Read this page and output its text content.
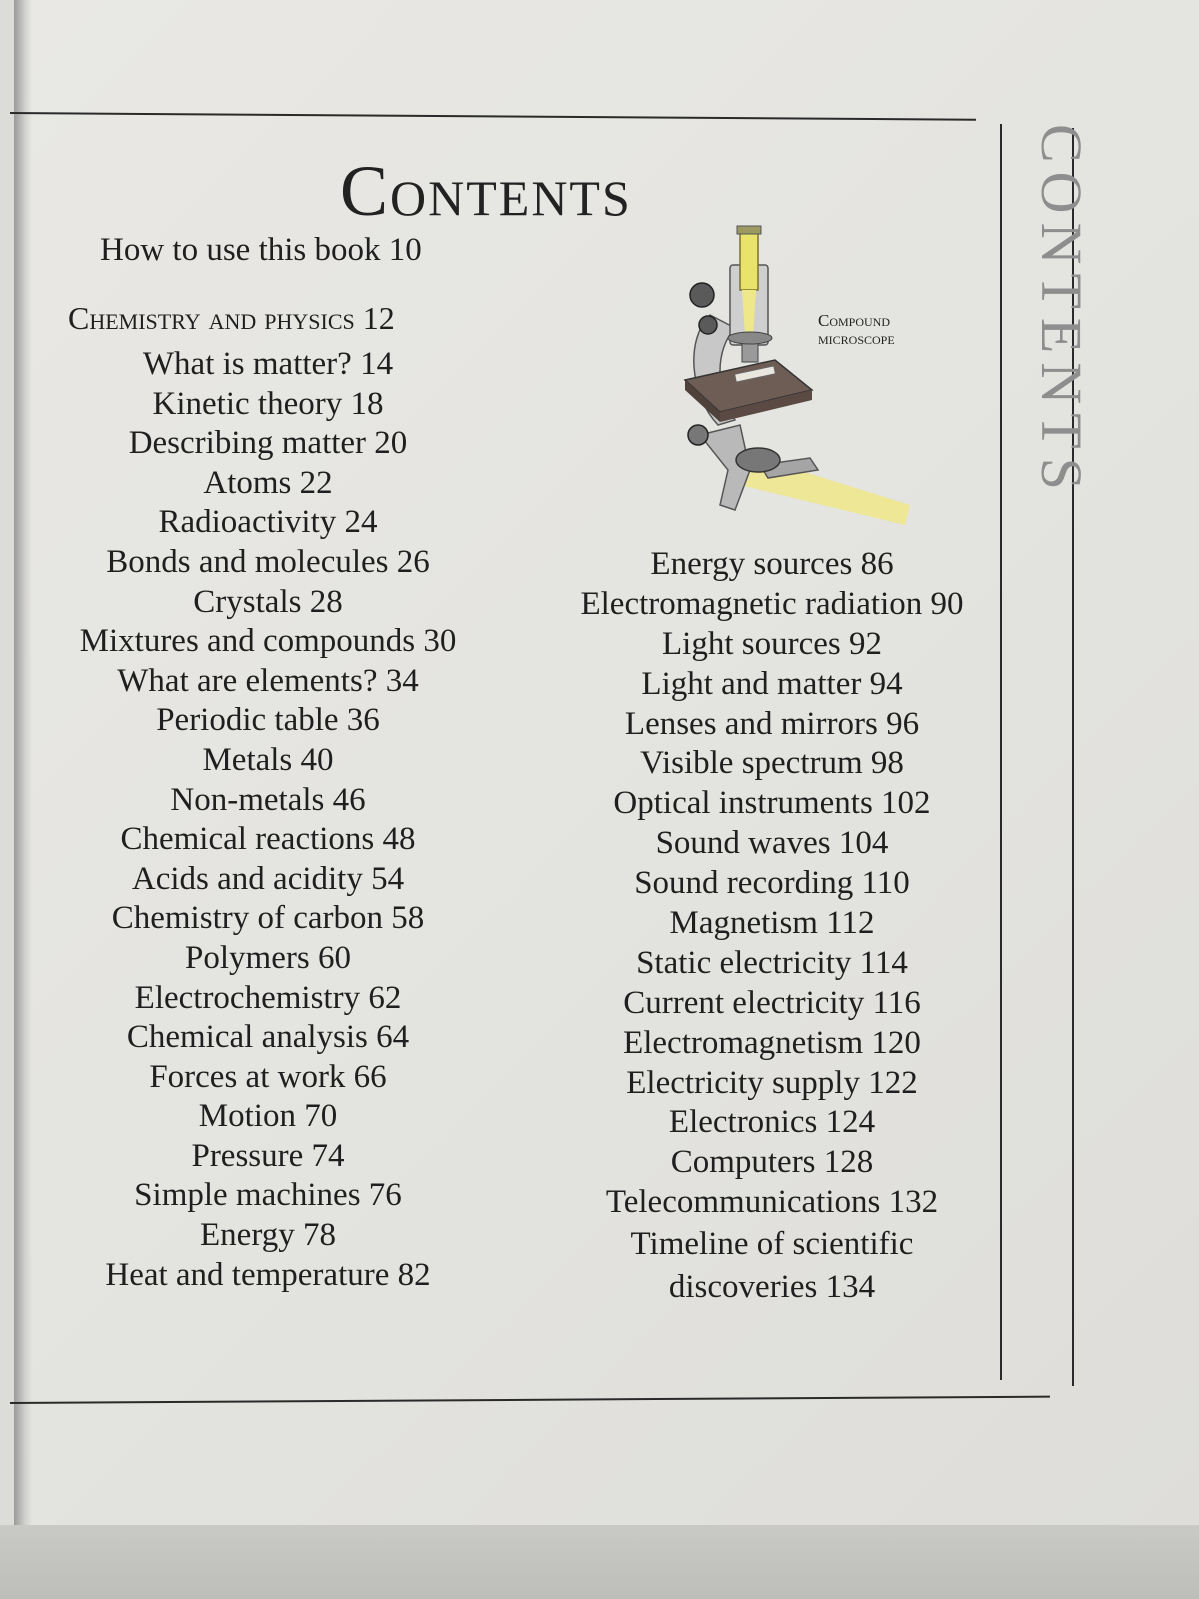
Contents	CONTENTS
How to use this book 10
Chemistry and physics 12
What is matter? 14
Kinetic theory 18
Describing matter 20
Atoms 22
Radioactivity 24
Bonds and molecules 26
Crystals 28
Mixtures and compounds 30
What are elements? 34
Periodic table 36
Metals 40
Non-metals 46
Chemical reactions 48
Acids and acidity 54
Chemistry of carbon 58
Polymers 60
Electrochemistry 62
Chemical analysis 64
Forces at work 66
Motion 70
Pressure 74
Simple machines 76
Energy 78
Heat and temperature 82
Energy sources 86
Electromagnetic radiation 90
Light sources 92
Light and matter 94
Lenses and mirrors 96
Visible spectrum 98
Optical instruments 102
Sound waves 104
Sound recording 110
Magnetism 112
Static electricity 114
Current electricity 116
Electromagnetism 120
Electricity supply 122
Electronics 124
Computers 128
Telecommunications 132
Timeline of scientific discoveries 134
Compound
microscope
